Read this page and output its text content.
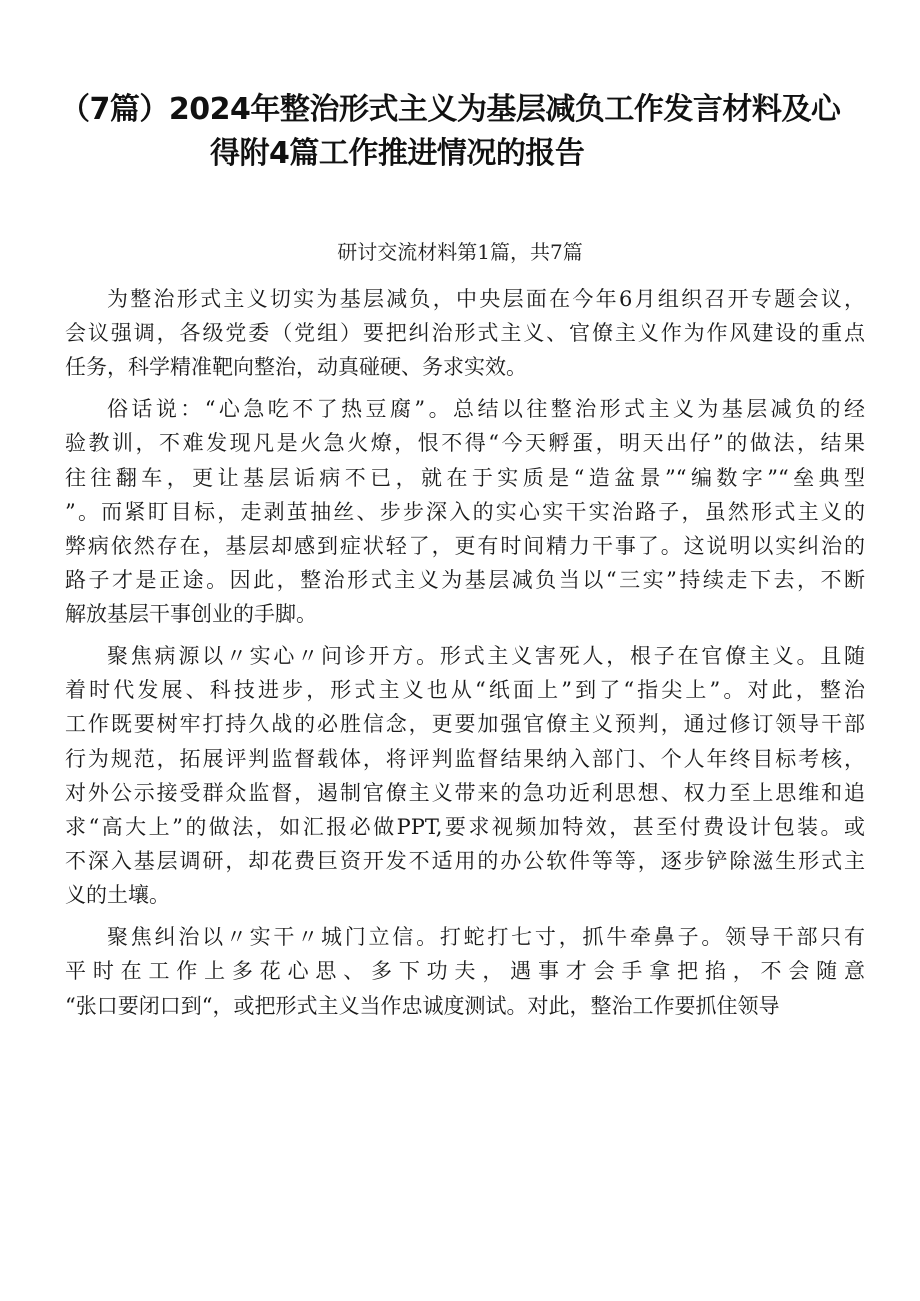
（7篇）2024年整治形式主义为基层减负工作发言材料及心
得附4篇工作推进情况的报告
研讨交流材料第1篇，共7篇
为整治形式主义切实为基层减负，中央层面在今年6月组织召开专题会议，
会议强调，各级党委（党组）要把纠治形式主义、官僚主义作为作风建设的重点
任务，科学精准靶向整治，动真碰硬、务求实效。
俗话说：“心急吃不了热豆腐”。总结以往整治形式主义为基层减负的经
验教训，不难发现凡是火急火燎，恨不得“今天孵蛋，明天出仔”的做法，结果
往往翻车，更让基层诟病不已，就在于实质是“造盆景”“编数字”“垒典型
”。而紧盯目标，走剥茧抽丝、步步深入的实心实干实治路子，虽然形式主义的
弊病依然存在，基层却感到症状轻了，更有时间精力干事了。这说明以实纠治的
路子才是正途。因此，整治形式主义为基层减负当以“三实”持续走下去，不断
解放基层干事创业的手脚。
聚焦病源以〃实心〃问诊开方。形式主义害死人，根子在官僚主义。且随
着时代发展、科技进步，形式主义也从“纸面上”到了“指尖上”。对此，整治
工作既要树牢打持久战的必胜信念，更要加强官僚主义预判，通过修订领导干部
行为规范，拓展评判监督载体，将评判监督结果纳入部门、个人年终目标考核，
对外公示接受群众监督，遏制官僚主义带来的急功近利思想、权力至上思维和追
求“高大上”的做法，如汇报必做PPT,要求视频加特效，甚至付费设计包装。或
不深入基层调研，却花费巨资开发不适用的办公软件等等，逐步铲除滋生形式主
义的土壤。
聚焦纠治以〃实干〃城门立信。打蛇打七寸，抓牛牵鼻子。领导干部只有
平时在工作上多花心思、多下功夫，遇事才会手拿把掐，不会随意
“张口要闭口到“，或把形式主义当作忠诚度测试。对此，整治工作要抓住领导
